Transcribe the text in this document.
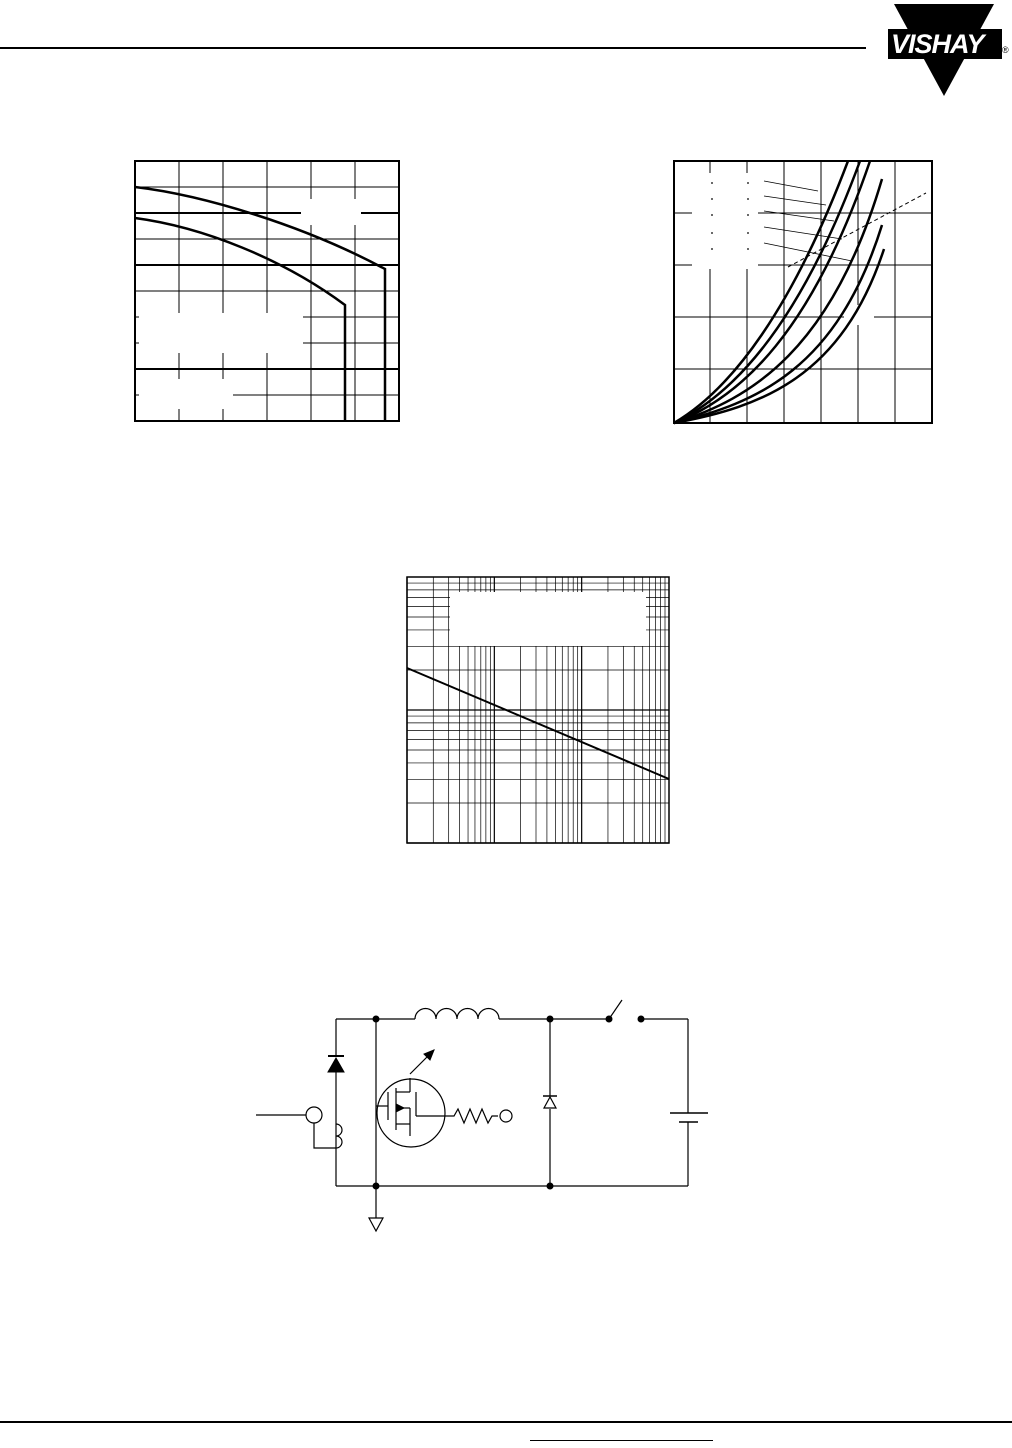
VISHAY	®
